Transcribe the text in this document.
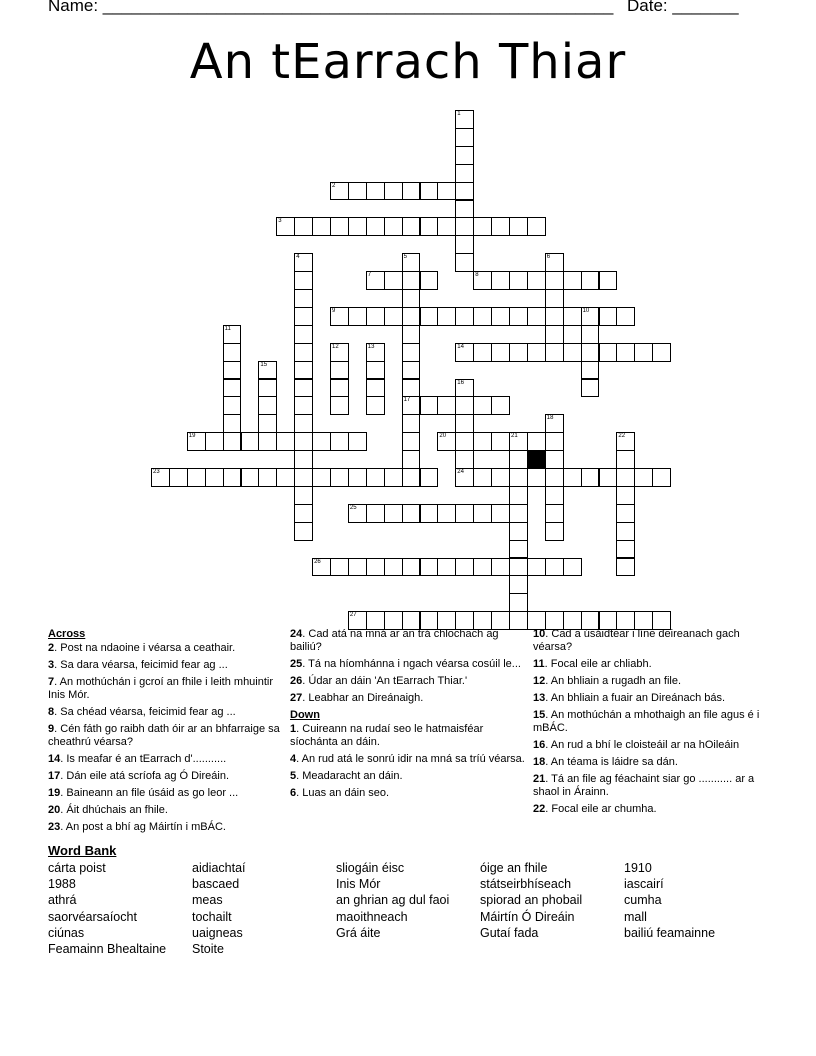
Name: ______________________________________________________ Date: _______
An tEarrach Thiar
1
2
3
4	5
17
6
7	8
9	10
11
12	13	14
15
16
18
19	20	21	22
23	24
25
26
27
Across
2. Post na ndaoine i véarsa a ceathair.
3. Sa dara véarsa, feicimid fear ag ...
7. An mothúchán i gcroí an fhile i leith mhuintir Inis Mór.
8. Sa chéad véarsa, feicimid fear ag ...
9. Cén fáth go raibh dath óir ar an bhfarraige sa cheathrú véarsa?
14. Is meafar é an tEarrach d'...........
17. Dán eile atá scríofa ag Ó Direáin.
19. Baineann an file úsáid as go leor ...
20. Áit dhúchais an fhile.
23. An post a bhí ag Máirtín i mBÁC.
24. Cad atá na mná ar an trá chlochach ag bailiú?
25. Tá na híomhánna i ngach véarsa cosúil le...
26. Údar an dáin 'An tEarrach Thiar.'
27. Leabhar an Direánaigh.
Down
1. Cuireann na rudaí seo le hatmaisféar síochánta an dáin.
4. An rud atá le sonrú idir na mná sa tríú véarsa.
5. Meadaracht an dáin.
6. Luas an dáin seo.
10. Cad a úsáidtear i líne deireanach gach véarsa?
11. Focal eile ar chliabh.
12. An bhliain a rugadh an file.
13. An bhliain a fuair an Direánach bás.
15. An mothúchán a mhothaigh an file agus é i mBÁC.
16. An rud a bhí le cloisteáil ar na hOileáin
18. An téama is láidre sa dán.
21. Tá an file ag féachaint siar go ........... ar a shaol in Árainn.
22. Focal eile ar chumha.
Word Bank
cárta poist
1988
athrá
saorvéarsaíocht
ciúnas
Feamainn Bhealtaine
aidiachtaí
bascaed
meas
tochailt
uaigneas
Stoite
sliogáin éisc
Inis Mór
an ghrian ag dul faoi
maoithneach
Grá áite
óige an fhile
státseirbhíseach
spiorad an phobail
Máirtín Ó Direáin
Gutaí fada
1910
iascairí
cumha
mall
bailiú feamainne
